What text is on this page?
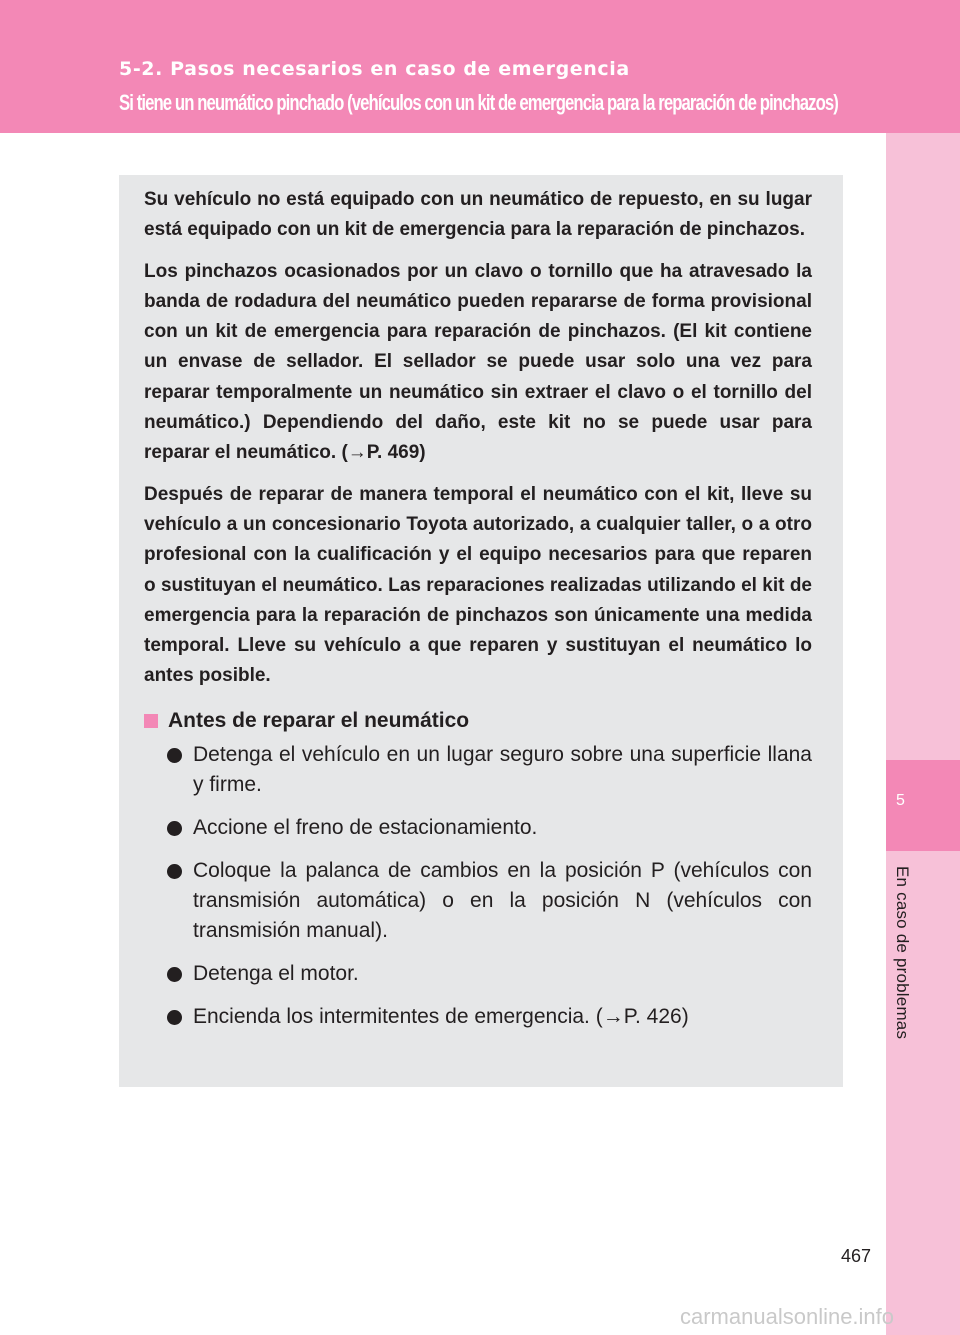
5-2. Pasos necesarios en caso de emergencia
Si tiene un neumático pinchado (vehículos con un kit de emergencia para la reparación de pinchazos)
5
En caso de problemas

Su vehículo no está equipado con un neumático de repuesto, en su lugar está equipado con un kit de emergencia para la reparación de pinchazos.

Los pinchazos ocasionados por un clavo o tornillo que ha atravesado la banda de rodadura del neumático pueden repararse de forma provisional con un kit de emergencia para reparación de pinchazos. (El kit contiene un envase de sellador. El sellador se puede usar solo una vez para reparar temporalmente un neumático sin extraer el clavo o el tornillo del neumático.) Dependiendo del daño, este kit no se puede usar para reparar el neumático. (→P. 469)

Después de reparar de manera temporal el neumático con el kit, lleve su vehículo a un concesionario Toyota autorizado, a cualquier taller, o a otro profesional con la cualificación y el equipo necesarios para que reparen o sustituyan el neumático. Las reparaciones realizadas utilizando el kit de emergencia para la reparación de pinchazos son únicamente una medida temporal. Lleve su vehículo a que reparen y sustituyan el neumático lo antes posible.

Antes de reparar el neumático
Detenga el vehículo en un lugar seguro sobre una superficie llana y firme.
Accione el freno de estacionamiento.
Coloque la palanca de cambios en la posición P (vehículos con transmisión automática) o en la posición N (vehículos con transmisión manual).
Detenga el motor.
Encienda los intermitentes de emergencia. (→P. 426)
467
carmanualsonline.info
